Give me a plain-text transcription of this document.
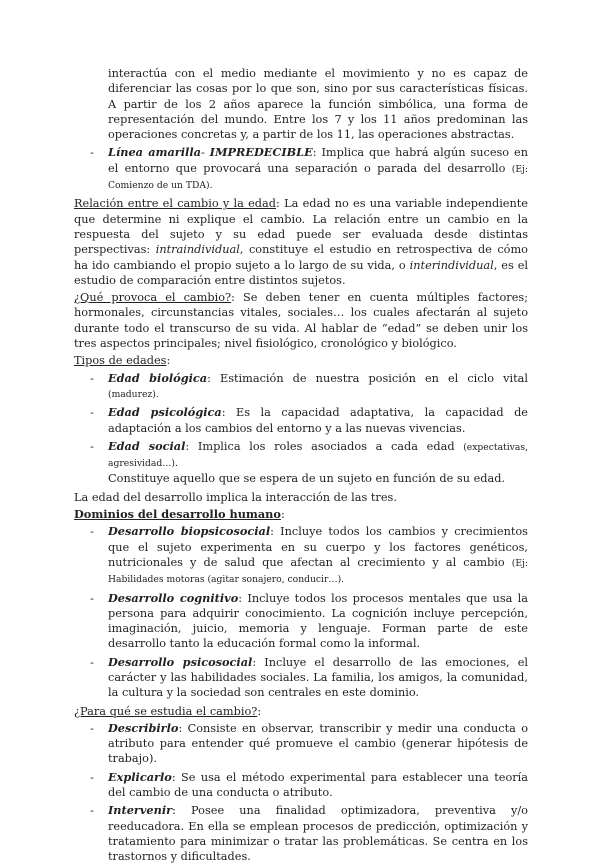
interactúa con el medio mediante el movimiento y no es capaz de diferenciar las cosas por lo que son, sino por sus características físicas. A partir de los 2 años aparece la función simbólica, una forma de representación del mundo. Entre los 7 y los 11 años predominan las operaciones concretas y, a partir de los 11, las operaciones abstractas.

- Línea amarilla- IMPREDECIBLE: Implica que habrá algún suceso en el entorno que provocará una separación o parada del desarrollo (Ej: Comienzo de un TDA).

Relación entre el cambio y la edad: La edad no es una variable independiente que determine ni explique el cambio. La relación entre un cambio en la respuesta del sujeto y su edad puede ser evaluada desde distintas perspectivas: intraindividual, constituye el estudio en retrospectiva de cómo ha ido cambiando el propio sujeto a lo largo de su vida, o interindividual, es el estudio de comparación entre distintos sujetos.

¿Qué provoca el cambio?: Se deben tener en cuenta múltiples factores; hormonales, circunstancias vitales, sociales… los cuales afectarán al sujeto durante todo el transcurso de su vida. Al hablar de “edad” se deben unir los tres aspectos principales; nivel fisiológico, cronológico y biológico.

Tipos de edades:

- Edad biológica: Estimación de nuestra posición en el ciclo vital (madurez).
- Edad psicológica: Es la capacidad adaptativa, la capacidad de adaptación a los cambios del entorno y a las nuevas vivencias.
- Edad social: Implica los roles asociados a cada edad (expectativas, agresividad…).

Constituye aquello que se espera de un sujeto en función de su edad.

La edad del desarrollo implica la interacción de las tres.

Dominios del desarrollo humano:

- Desarrollo biopsicosocial: Incluye todos los cambios y crecimientos que el sujeto experimenta en su cuerpo y los factores genéticos, nutricionales y de salud que afectan al crecimiento y al cambio (Ej: Habilidades motoras (agitar sonajero, conducir…).
- Desarrollo cognitivo: Incluye todos los procesos mentales que usa la persona para adquirir conocimiento. La cognición incluye percepción, imaginación, juicio, memoria y lenguaje. Forman parte de este desarrollo tanto la educación formal como la informal.
- Desarrollo psicosocial: Incluye el desarrollo de las emociones, el carácter y las habilidades sociales. La familia, los amigos, la comunidad, la cultura y la sociedad son centrales en este dominio.

¿Para qué se estudia el cambio?:

- Describirlo: Consiste en observar, transcribir y medir una conducta o atributo para entender qué promueve el cambio (generar hipótesis de trabajo).
- Explicarlo: Se usa el método experimental para establecer una teoría del cambio de una conducta o atributo.
- Intervenir: Posee una finalidad optimizadora, preventiva y/o reeducadora. En ella se emplean procesos de predicción, optimización y tratamiento para minimizar o tratar las problemáticas. Se centra en los trastornos y dificultades.
